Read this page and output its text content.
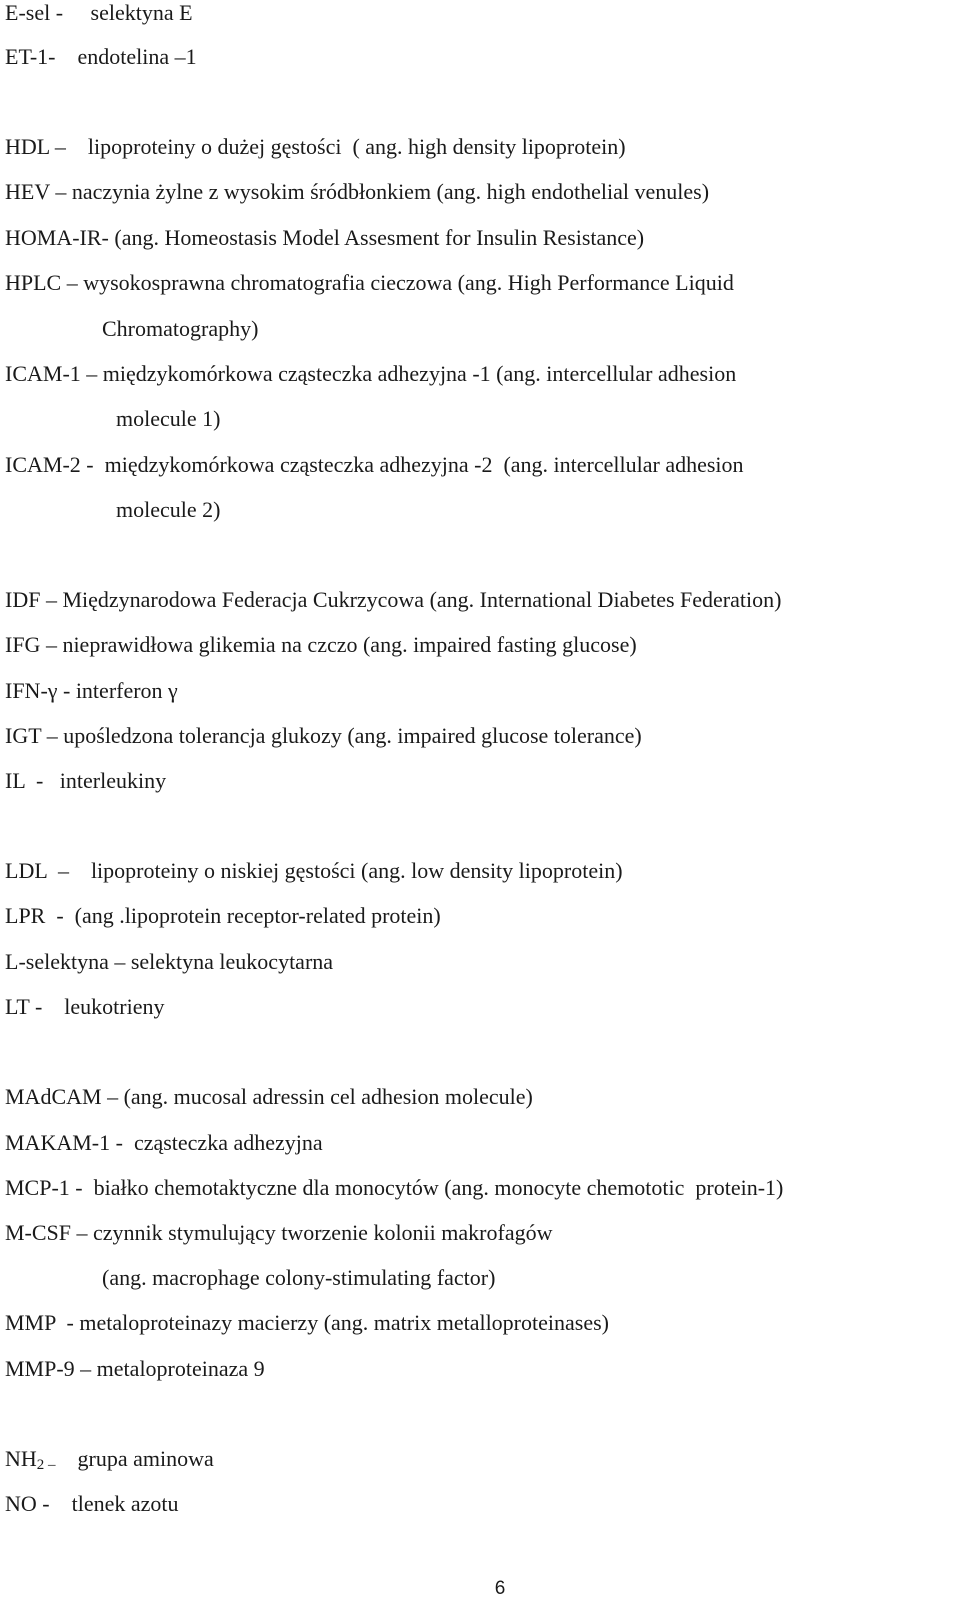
E-sel -     selektyna E
ET-1-    endotelina –1
HDL –    lipoproteiny o dużej gęstości  ( ang. high density lipoprotein)
HEV – naczynia żylne z wysokim śródbłonkiem (ang. high endothelial venules)
HOMA-IR- (ang. Homeostasis Model Assesment for Insulin Resistance)
HPLC – wysokosprawna chromatografia cieczowa (ang. High Performance Liquid
Chromatography)
ICAM-1 – międzykomórkowa cząsteczka adhezyjna -1 (ang. intercellular adhesion
molecule 1)
ICAM-2 -  międzykomórkowa cząsteczka adhezyjna -2  (ang. intercellular adhesion
molecule 2)
IDF – Międzynarodowa Federacja Cukrzycowa (ang. International Diabetes Federation)
IFG – nieprawidłowa glikemia na czczo (ang. impaired fasting glucose)
IFN-γ - interferon γ
IGT – upośledzona tolerancja glukozy (ang. impaired glucose tolerance)
IL  -   interleukiny
LDL  –    lipoproteiny o niskiej gęstości (ang. low density lipoprotein)
LPR  -  (ang .lipoprotein receptor-related protein)
L-selektyna – selektyna leukocytarna
LT -    leukotrieny
MAdCAM – (ang. mucosal adressin cel adhesion molecule)
MAKAM-1 -  cząsteczka adhezyjna
MCP-1 -  białko chemotaktyczne dla monocytów (ang. monocyte chemototic  protein-1)
M-CSF – czynnik stymulujący tworzenie kolonii makrofagów
(ang. macrophage colony-stimulating factor)
MMP  - metaloproteinazy macierzy (ang. matrix metalloproteinases)
MMP-9 – metaloproteinaza 9
$NH_{2 -}$    grupa aminowa
NO -    tlenek azotu
6
